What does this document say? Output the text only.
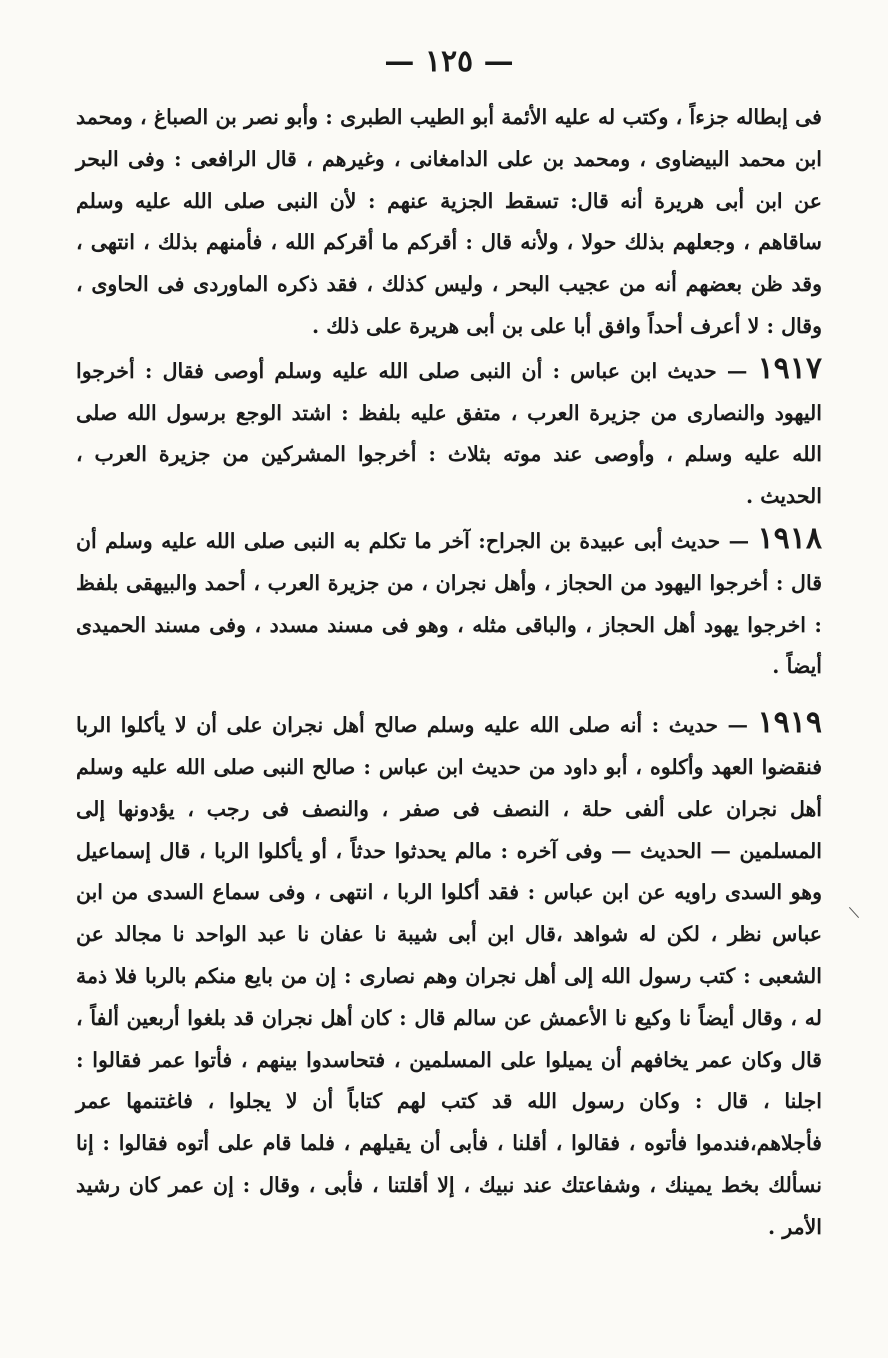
— ١٢٥ —

فى إبطاله جزءاً ، وكتب له عليه الأئمة أبو الطيب الطبرى : وأبو نصر بن الصباغ ، ومحمد ابن محمد البيضاوى ، ومحمد بن على الدامغانى ، وغيرهم ، قال الرافعى : وفى البحر عن ابن أبى هريرة أنه قال: تسقط الجزية عنهم : لأن النبى صلى الله عليه وسلم ساقاهم ، وجعلهم بذلك حولا ، ولأنه قال : أقركم ما أقركم الله ، فأمنهم بذلك ، انتهى ، وقد ظن بعضهم أنه من عجيب البحر ، وليس كذلك ، فقد ذكره الماوردى فى الحاوى ، وقال : لا أعرف أحداً وافق أبا على بن أبى هريرة على ذلك .

١٩١٧ — حديث ابن عباس : أن النبى صلى الله عليه وسلم أوصى فقال : أخرجوا اليهود والنصارى من جزيرة العرب ، متفق عليه بلفظ : اشتد الوجع برسول الله صلى الله عليه وسلم ، وأوصى عند موته بثلاث : أخرجوا المشركين من جزيرة العرب ، الحديث .

١٩١٨ — حديث أبى عبيدة بن الجراح: آخر ما تكلم به النبى صلى الله عليه وسلم أن قال : أخرجوا اليهود من الحجاز ، وأهل نجران ، من جزيرة العرب ، أحمد والبيهقى بلفظ : اخرجوا يهود أهل الحجاز ، والباقى مثله ، وهو فى مسند مسدد ، وفى مسند الحميدى أيضاً .

١٩١٩ — حديث : أنه صلى الله عليه وسلم صالح أهل نجران على أن لا يأكلوا الربا فنقضوا العهد وأكلوه ، أبو داود من حديث ابن عباس : صالح النبى صلى الله عليه وسلم أهل نجران على ألفى حلة ، النصف فى صفر ، والنصف فى رجب ، يؤدونها إلى المسلمين — الحديث — وفى آخره : مالم يحدثوا حدثاً ، أو يأكلوا الربا ، قال إسماعيل وهو السدى راويه عن ابن عباس : فقد أكلوا الربا ، انتهى ، وفى سماع السدى من ابن عباس نظر ، لكن له شواهد ،قال ابن أبى شيبة نا عفان نا عبد الواحد نا مجالد عن الشعبى : كتب رسول الله إلى أهل نجران وهم نصارى : إن من بايع منكم بالربا فلا ذمة له ، وقال أيضاً نا وكيع نا الأعمش عن سالم قال : كان أهل نجران قد بلغوا أربعين ألفاً ، قال وكان عمر يخافهم أن يميلوا على المسلمين ، فتحاسدوا بينهم ، فأتوا عمر فقالوا : اجلنا ، قال : وكان رسول الله قد كتب لهم كتاباً أن لا يجلوا ، فاغتنمها عمر فأجلاهم،فندموا فأتوه ، فقالوا ، أقلنا ، فأبى أن يقيلهم ، فلما قام على أتوه فقالوا : إنا نسألك بخط يمينك ، وشفاعتك عند نبيك ، إلا أقلتنا ، فأبى ، وقال : إن عمر كان رشيد الأمر .
